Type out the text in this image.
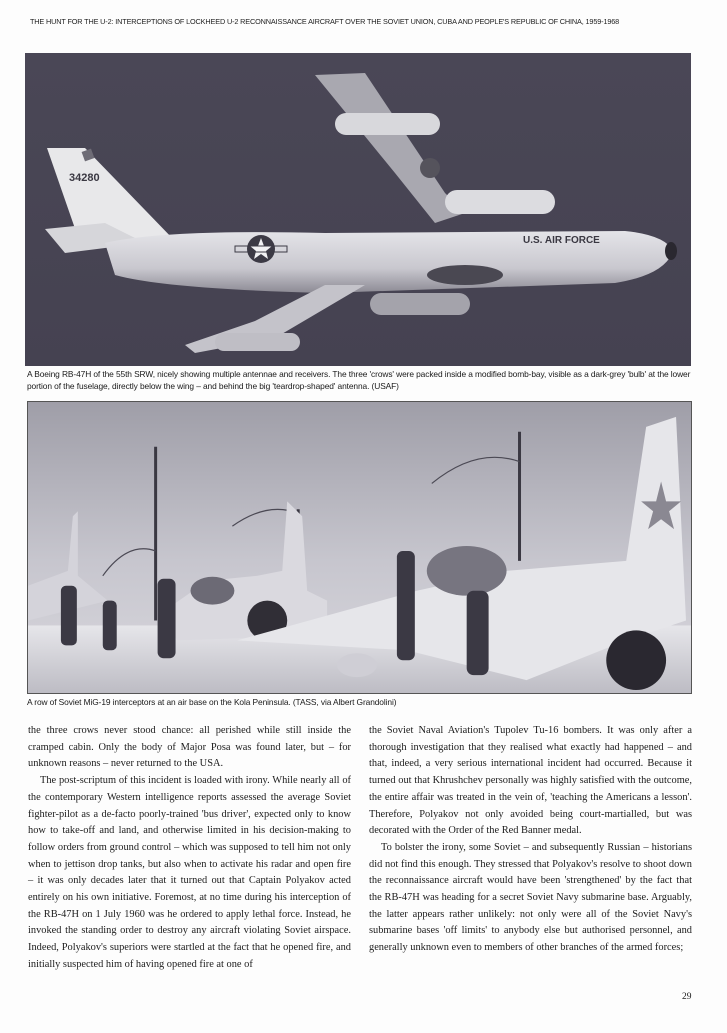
THE HUNT FOR THE U-2: INTERCEPTIONS OF LOCKHEED U-2 RECONNAISSANCE AIRCRAFT OVER THE SOVIET UNION, CUBA AND PEOPLE'S REPUBLIC OF CHINA, 1959-1968
34280
U.S. AIR FORCE
A Boeing RB-47H of the 55th SRW, nicely showing multiple antennae and receivers. The three 'crows' were packed inside a modified bomb-bay, visible as a dark-grey 'bulb' at the lower portion of the fuselage, directly below the wing – and behind the big 'teardrop-shaped' antenna. (USAF)
A row of Soviet MiG-19 interceptors at an air base on the Kola Peninsula. (TASS, via Albert Grandolini)

the three crows never stood chance: all perished while still inside the cramped cabin. Only the body of Major Posa was found later, but – for unknown reasons – never returned to the USA.

The post-scriptum of this incident is loaded with irony. While nearly all of the contemporary Western intelligence reports assessed the average Soviet fighter-pilot as a de-facto poorly-trained 'bus driver', expected only to know how to take-off and land, and otherwise limited in his decision-making to follow orders from ground control – which was supposed to tell him not only when to jettison drop tanks, but also when to activate his radar and open fire – it was only decades later that it turned out that Captain Polyakov acted entirely on his own initiative. Foremost, at no time during his interception of the RB-47H on 1 July 1960 was he ordered to apply lethal force. Instead, he invoked the standing order to destroy any aircraft violating Soviet airspace. Indeed, Polyakov's superiors were startled at the fact that he opened fire, and initially suspected him of having opened fire at one of

the Soviet Naval Aviation's Tupolev Tu-16 bombers. It was only after a thorough investigation that they realised what exactly had happened – and that, indeed, a very serious international incident had occurred. Because it turned out that Khrushchev personally was highly satisfied with the outcome, the entire affair was treated in the vein of, 'teaching the Americans a lesson'. Therefore, Polyakov not only avoided being court-martialled, but was decorated with the Order of the Red Banner medal.

To bolster the irony, some Soviet – and subsequently Russian – historians did not find this enough. They stressed that Polyakov's resolve to shoot down the reconnaissance aircraft would have been 'strengthened' by the fact that the RB-47H was heading for a secret Soviet Navy submarine base. Arguably, the latter appears rather unlikely: not only were all of the Soviet Navy's submarine bases 'off limits' to anybody else but authorised personnel, and generally unknown even to members of other branches of the armed forces;

29
